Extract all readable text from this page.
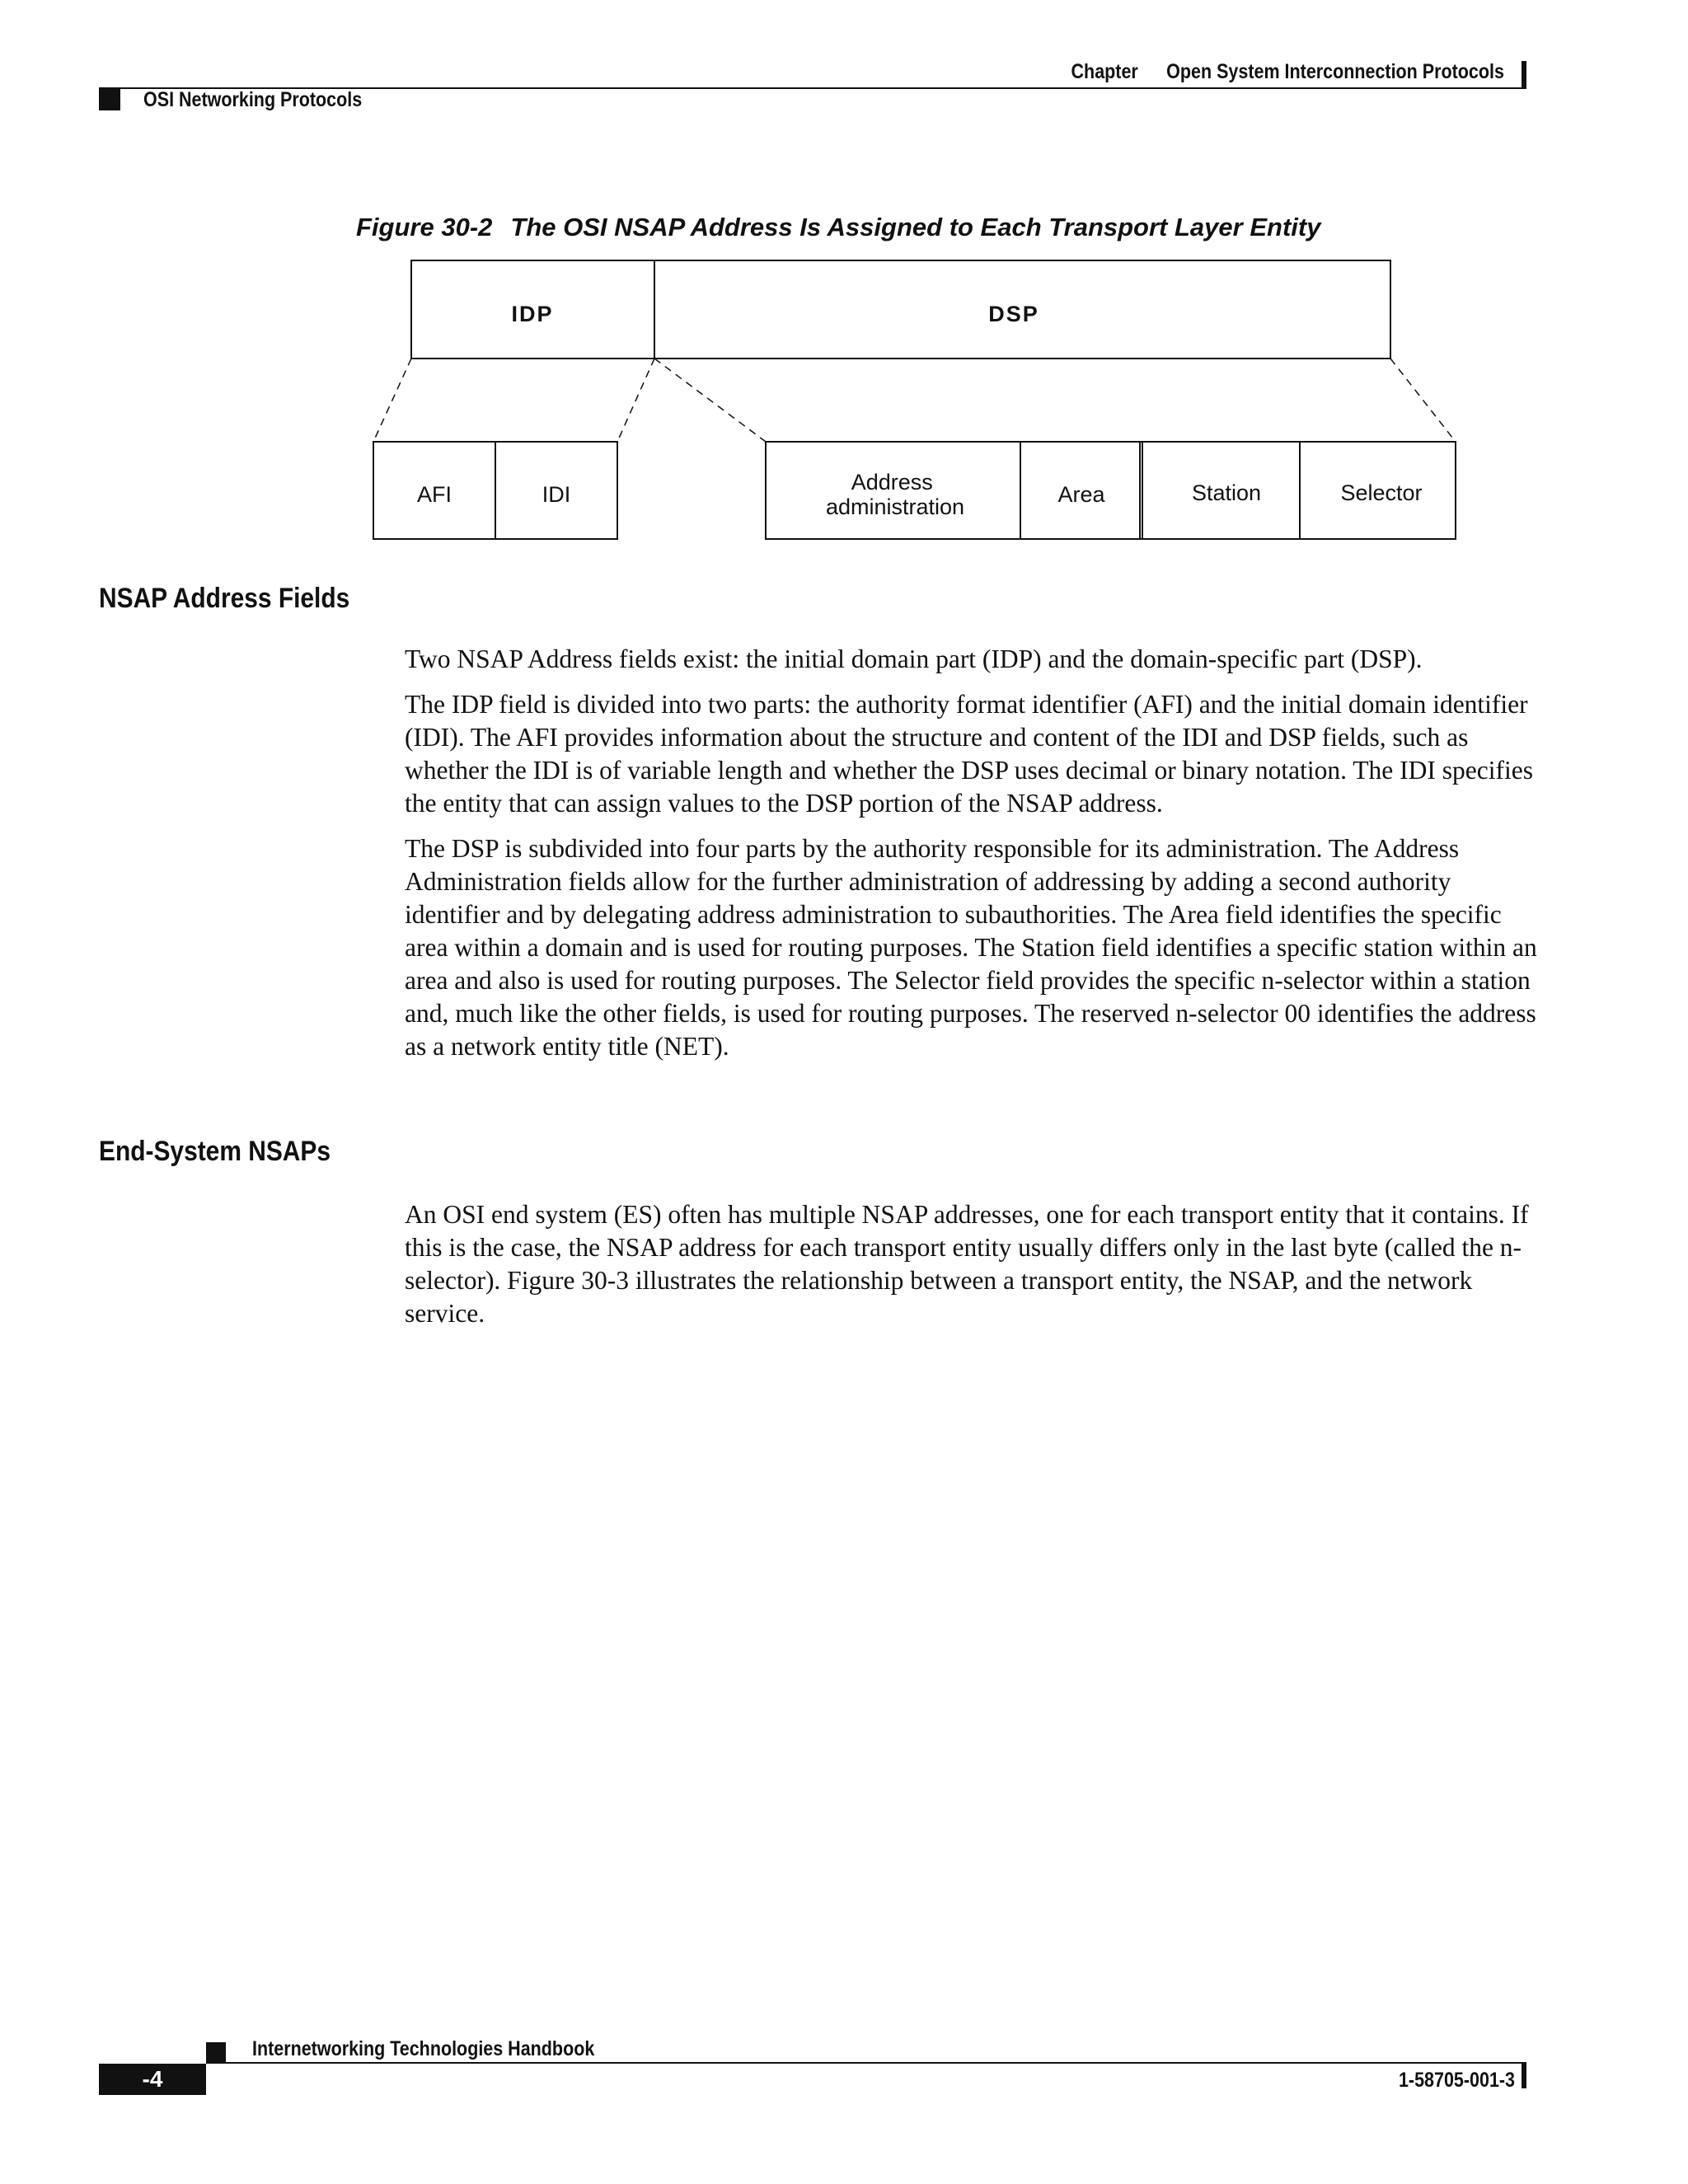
Chapter Open System Interconnection Protocols
OSI Networking Protocols
Figure 30-2 The OSI NSAP Address Is Assigned to Each Transport Layer Entity
IDP	DSP
AFI	IDI	Address administration	Area	Station	Selector
NSAP Address Fields

Two NSAP Address fields exist: the initial domain part (IDP) and the domain-specific part (DSP).

The IDP field is divided into two parts: the authority format identifier (AFI) and the initial domain identifier (IDI). The AFI provides information about the structure and content of the IDI and DSP fields, such as whether the IDI is of variable length and whether the DSP uses decimal or binary notation. The IDI specifies the entity that can assign values to the DSP portion of the NSAP address.

The DSP is subdivided into four parts by the authority responsible for its administration. The Address Administration fields allow for the further administration of addressing by adding a second authority identifier and by delegating address administration to subauthorities. The Area field identifies the specific area within a domain and is used for routing purposes. The Station field identifies a specific station within an area and also is used for routing purposes. The Selector field provides the specific n-selector within a station and, much like the other fields, is used for routing purposes. The reserved n-selector 00 identifies the address as a network entity title (NET).

End-System NSAPs

An OSI end system (ES) often has multiple NSAP addresses, one for each transport entity that it contains. If this is the case, the NSAP address for each transport entity usually differs only in the last byte (called the n-selector). Figure 30-3 illustrates the relationship between a transport entity, the NSAP, and the network service.

Internetworking Technologies Handbook
-4	1-58705-001-3
